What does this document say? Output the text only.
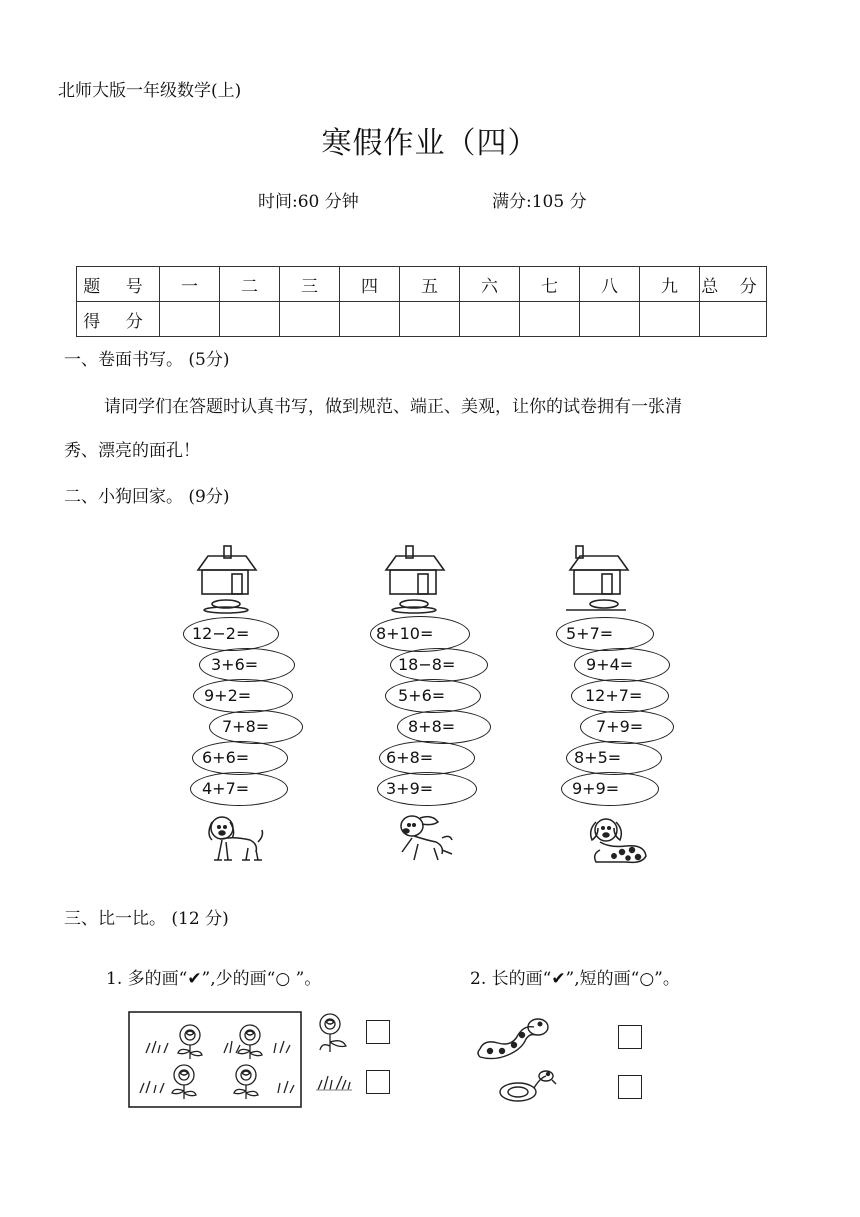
北师大版一年级数学(上)
寒假作业（四）
时间:60 分钟	满分:105 分
题 号	一	二	三	四	五	六	七	八	九	总 分
得 分										
一、卷面书写。 (5分)
请同学们在答题时认真书写，做到规范、端正、美观，让你的试卷拥有一张清
秀、漂亮的面孔！
二、小狗回家。 (9分)
12−2=
3+6=
9+2=
7+8=
6+6=
4+7=
8+10=
18−8=
5+6=
8+8=
6+8=
3+9=
5+7=
9+4=
12+7=
7+9=
8+5=
9+9=
三、比一比。 (12 分)
1. 多的画“✔”,少的画“○ ”。	2. 长的画“✔”,短的画“○”。
